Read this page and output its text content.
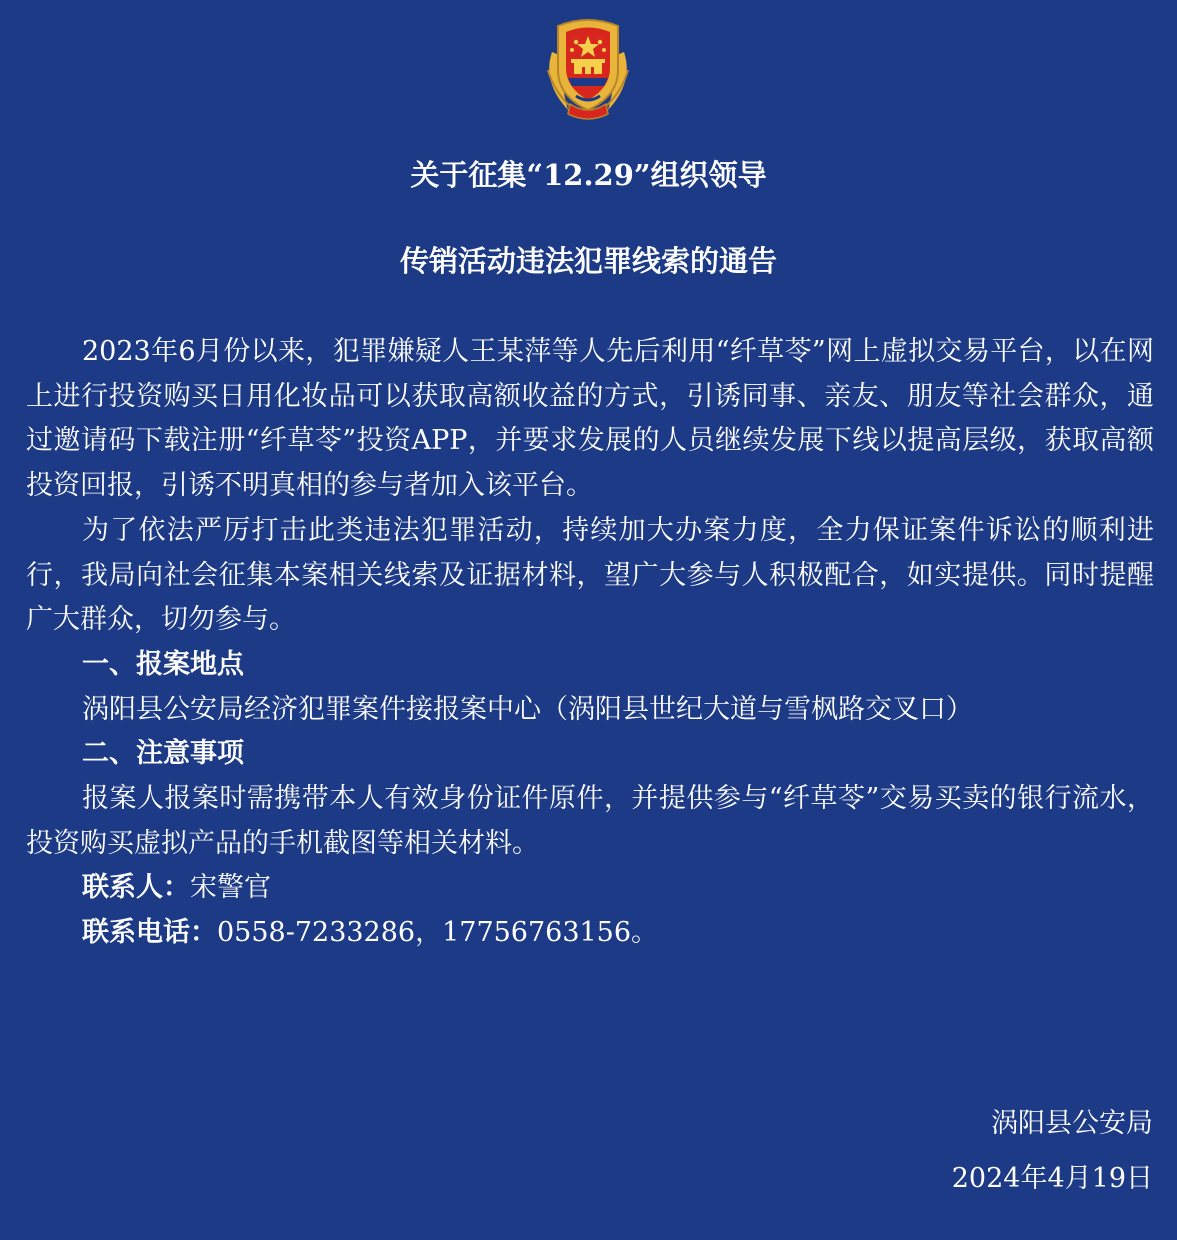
关于征集“12.29”组织领导
传销活动违法犯罪线索的通告

2023年6月份以来，犯罪嫌疑人王某萍等人先后利用“纤草苓”网上虚拟交易平台，以在网上进行投资购买日用化妆品可以获取高额收益的方式，引诱同事、亲友、朋友等社会群众，通过邀请码下载注册“纤草苓”投资APP，并要求发展的人员继续发展下线以提高层级，获取高额投资回报，引诱不明真相的参与者加入该平台。

为了依法严厉打击此类违法犯罪活动，持续加大办案力度，全力保证案件诉讼的顺利进行，我局向社会征集本案相关线索及证据材料，望广大参与人积极配合，如实提供。同时提醒广大群众，切勿参与。

一、报案地点

涡阳县公安局经济犯罪案件接报案中心（涡阳县世纪大道与雪枫路交叉口）

二、注意事项

报案人报案时需携带本人有效身份证件原件，并提供参与“纤草苓”交易买卖的银行流水，投资购买虚拟产品的手机截图等相关材料。

联系人：宋警官

联系电话：0558-7233286，17756763156。

涡阳县公安局
2024年4月19日
